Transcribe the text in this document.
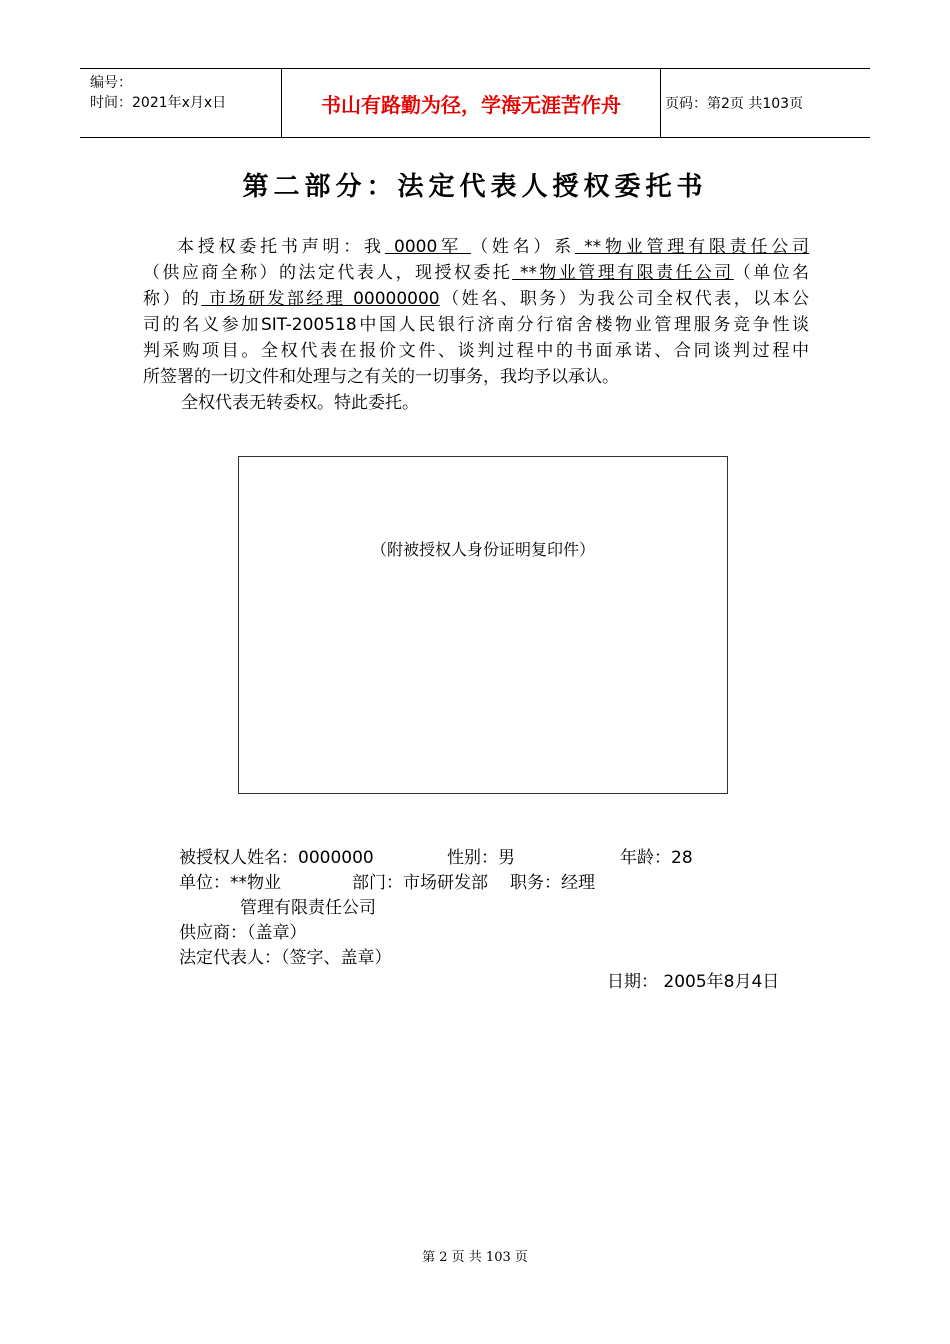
编号：
时间：2021年x月x日	书山有路勤为径，学海无涯苦作舟	页码：第2页 共103页
第二部分：法定代表人授权委托书
本授权委托书声明：我 0000军 （姓名）系 **物业管理有限责任公司
（供应商全称）的法定代表人，现授权委托 **物业管理有限责任公司（单位名
称）的 市场研发部经理 00000000（姓名、职务）为我公司全权代表，以本公
司的名义参加SIT-200518中国人民银行济南分行宿舍楼物业管理服务竞争性谈
判采购项目。全权代表在报价文件、谈判过程中的书面承诺、合同谈判过程中
所签署的一切文件和处理与之有关的一切事务，我均予以承认。
全权代表无转委权。特此委托。
（附被授权人身份证明复印件）
被授权人姓名：0000000	性别：男	年龄：28
单位：**物业	部门：市场研发部 职务：经理
管理有限责任公司
供应商：（盖章）
法定代表人：（签字、盖章）
日期： 2005年8月4日
第 2 页 共 103 页
